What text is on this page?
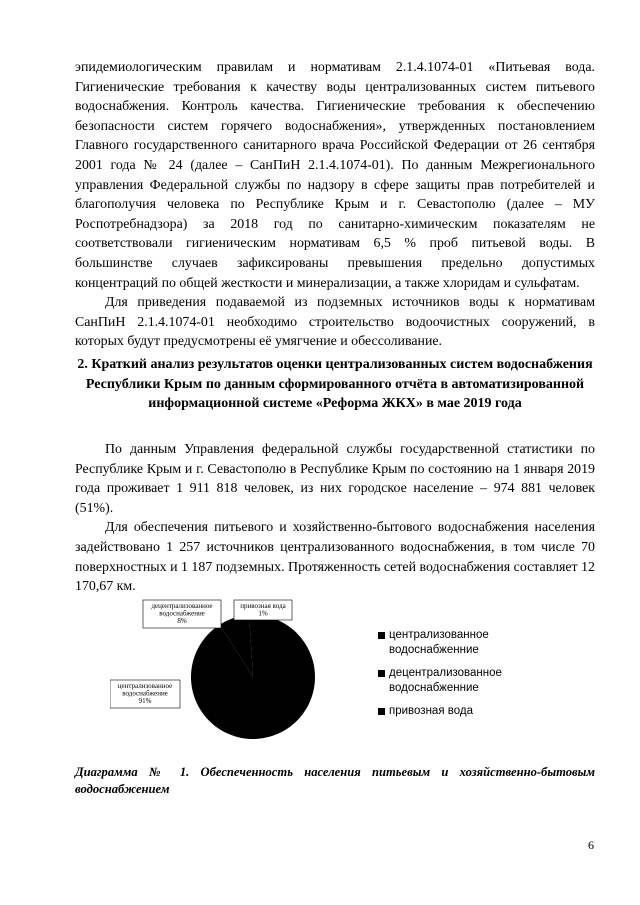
эпидемиологическим правилам и нормативам 2.1.4.1074-01 «Питьевая вода. Гигиенические требования к качеству воды централизованных систем питьевого водоснабжения. Контроль качества. Гигиенические требования к обеспечению безопасности систем горячего водоснабжения», утвержденных постановлением Главного государственного санитарного врача Российской Федерации от 26 сентября 2001 года № 24 (далее – СанПиН 2.1.4.1074-01). По данным Межрегионального управления Федеральной службы по надзору в сфере защиты прав потребителей и благополучия человека по Республике Крым и г. Севастополю (далее – МУ Роспотребнадзора) за 2018 год по санитарно-химическим показателям не соответствовали гигиеническим нормативам 6,5 % проб питьевой воды. В большинстве случаев зафиксированы превышения предельно допустимых концентраций по общей жесткости и минерализации, а также хлоридам и сульфатам.

Для приведения подаваемой из подземных источников воды к нормативам СанПиН 2.1.4.1074-01 необходимо строительство водоочистных сооружений, в которых будут предусмотрены её умягчение и обессоливание.

2. Краткий анализ результатов оценки централизованных систем водоснабжения Республики Крым по данным сформированного отчёта в автоматизированной информационной системе «Реформа ЖКХ» в мае 2019 года

По данным Управления федеральной службы государственной статистики по Республике Крым и г. Севастополю в Республике Крым по состоянию на 1 января 2019 года проживает 1 911 818 человек, из них городское население – 974 881 человек (51%).

Для обеспечения питьевого и хозяйственно-бытового водоснабжения населения задействовано 1 257 источников централизованного водоснабжения, в том числе 70 поверхностных и 1 187 подземных. Протяженность сетей водоснабжения составляет 12 170,67 км.

централизованное
водоснабжение
91%
децентрализованное
водоснабжение
8%
привозная вода
1%
централизованное водоснабженние
децентрализованное водоснабженние
привозная вода

Диаграмма № 1. Обеспеченность населения питьевым и хозяйственно-бытовым водоснабжением

6
